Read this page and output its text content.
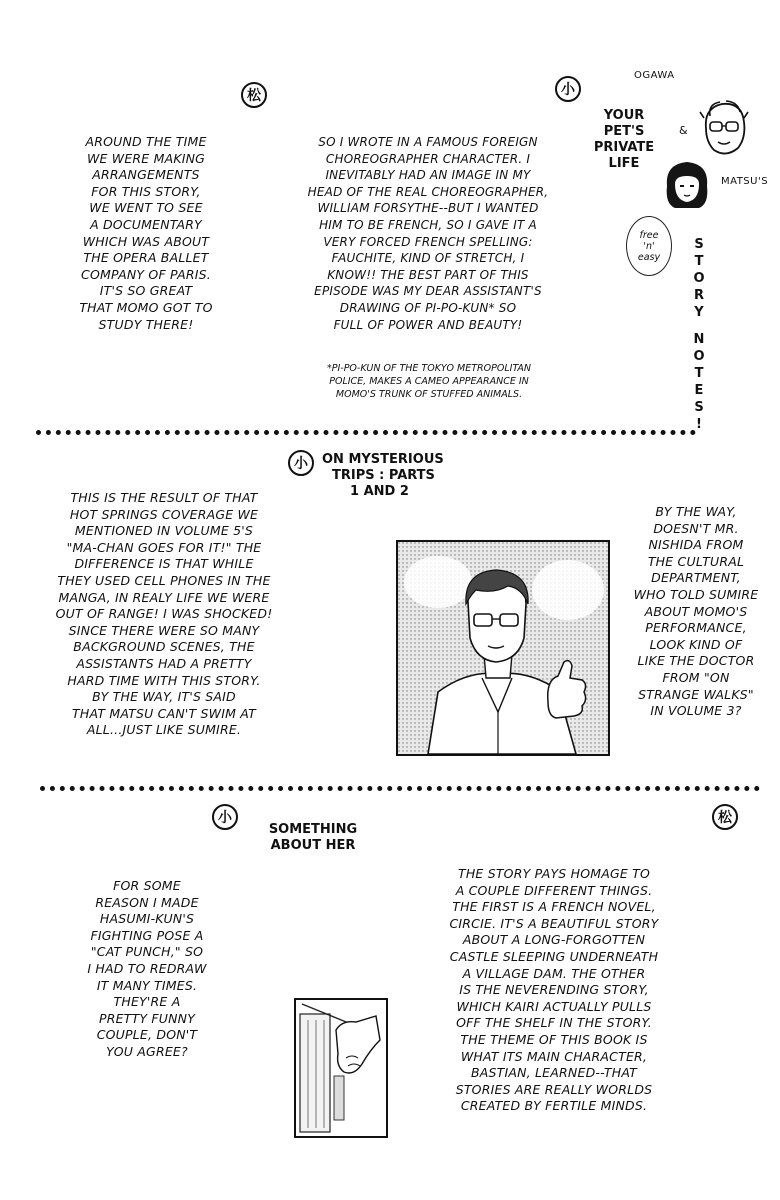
松	小
OGAWA

YOUR

PET'S

PRIVATE

LIFE

&
MATSU'S
free
'n'
easy
S
T
O
R
Y
N
O
T
E
S
!

AROUND THE TIME

WE WERE MAKING

ARRANGEMENTS

FOR THIS STORY,

WE WENT TO SEE

A DOCUMENTARY

WHICH WAS ABOUT

THE OPERA BALLET

COMPANY OF PARIS.

IT'S SO GREAT

THAT MOMO GOT TO

STUDY THERE!

SO I WROTE IN A FAMOUS FOREIGN

CHOREOGRAPHER CHARACTER. I

INEVITABLY HAD AN IMAGE IN MY

HEAD OF THE REAL CHOREOGRAPHER,

WILLIAM FORSYTHE--BUT I WANTED

HIM TO BE FRENCH, SO I GAVE IT A

VERY FORCED FRENCH SPELLING:

FAUCHITE, KIND OF STRETCH, I

KNOW!! THE BEST PART OF THIS

EPISODE WAS MY DEAR ASSISTANT'S

DRAWING OF PI-PO-KUN* SO

FULL OF POWER AND BEAUTY!

*PI-PO-KUN OF THE TOKYO METROPOLITAN

POLICE, MAKES A CAMEO APPEARANCE IN

MOMO'S TRUNK OF STUFFED ANIMALS.

小	ON MYSTERIOUS

TRIPS : PARTS

1 AND 2

THIS IS THE RESULT OF THAT

HOT SPRINGS COVERAGE WE

MENTIONED IN VOLUME 5'S

"MA-CHAN GOES FOR IT!" THE

DIFFERENCE IS THAT WHILE

THEY USED CELL PHONES IN THE

MANGA, IN REALY LIFE WE WERE

OUT OF RANGE! I WAS SHOCKED!

SINCE THERE WERE SO MANY

BACKGROUND SCENES, THE

ASSISTANTS HAD A PRETTY

HARD TIME WITH THIS STORY.

BY THE WAY, IT'S SAID

THAT MATSU CAN'T SWIM AT

ALL...JUST LIKE SUMIRE.

BY THE WAY,

DOESN'T MR.

NISHIDA FROM

THE CULTURAL

DEPARTMENT,

WHO TOLD SUMIRE

ABOUT MOMO'S

PERFORMANCE,

LOOK KIND OF

LIKE THE DOCTOR

FROM "ON

STRANGE WALKS"

IN VOLUME 3?

小	松

SOMETHING

ABOUT HER

FOR SOME

REASON I MADE

HASUMI-KUN'S

FIGHTING POSE A

"CAT PUNCH," SO

I HAD TO REDRAW

IT MANY TIMES.

THEY'RE A

PRETTY FUNNY

COUPLE, DON'T

YOU AGREE?

THE STORY PAYS HOMAGE TO

A COUPLE DIFFERENT THINGS.

THE FIRST IS A FRENCH NOVEL,

CIRCIE. IT'S A BEAUTIFUL STORY

ABOUT A LONG-FORGOTTEN

CASTLE SLEEPING UNDERNEATH

A VILLAGE DAM. THE OTHER

IS THE NEVERENDING STORY,

WHICH KAIRI ACTUALLY PULLS

OFF THE SHELF IN THE STORY.

THE THEME OF THIS BOOK IS

WHAT ITS MAIN CHARACTER,

BASTIAN, LEARNED--THAT

STORIES ARE REALLY WORLDS

CREATED BY FERTILE MINDS.
